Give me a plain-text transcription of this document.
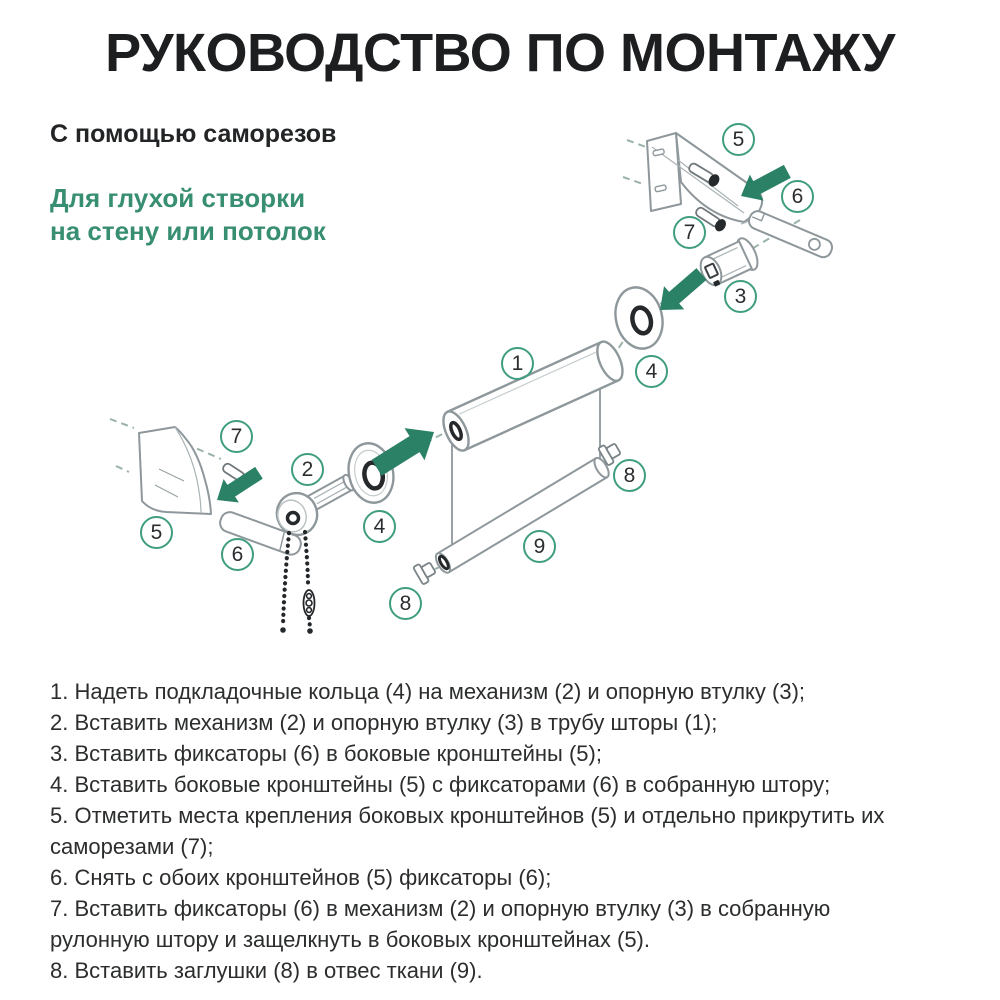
РУКОВОДСТВО ПО МОНТАЖУ
С помощью саморезов
Для глухой створки
на стену или потолок
1
2
3
4
4
5
5
6
6
7
7
8
8
9
1. Надеть подкладочные кольца (4) на механизм (2) и опорную втулку (3);
2. Вставить механизм (2) и опорную втулку (3) в трубу шторы (1);
3. Вставить фиксаторы (6) в боковые кронштейны (5);
4. Вставить боковые кронштейны (5) с фиксаторами (6) в собранную штору;
5. Отметить места крепления боковых кронштейнов (5) и отдельно прикрутить их саморезами (7);
6. Снять с обоих кронштейнов (5) фиксаторы (6);
7. Вставить фиксаторы (6) в механизм (2) и опорную втулку (3) в собранную рулонную штору и защелкнуть в боковых кронштейнах (5).
8. Вставить заглушки (8) в отвес ткани (9).
